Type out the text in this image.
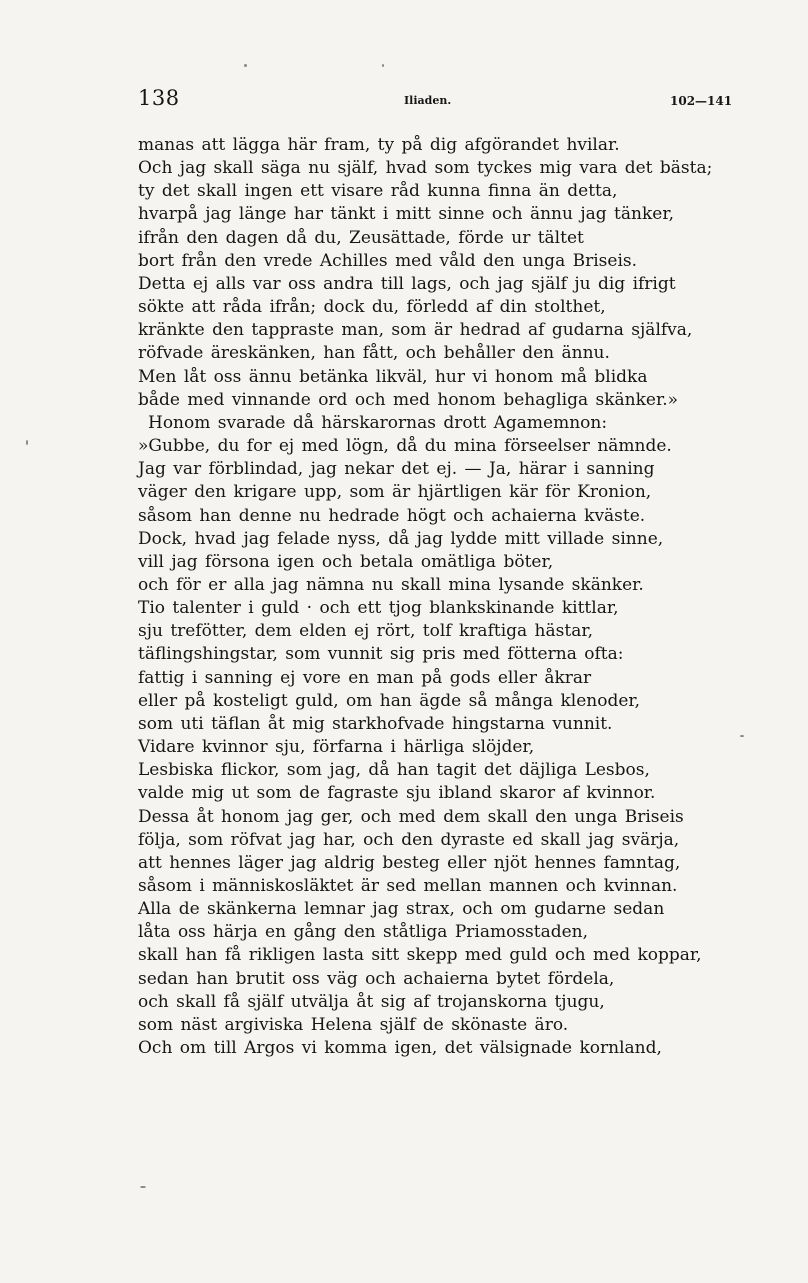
138	Iliaden.	102—141
manas att lägga här fram, ty på dig afgörandet hvilar.
Och jag skall säga nu själf, hvad som tyckes mig vara det bästa;
ty det skall ingen ett visare råd kunna finna än detta,
hvarpå jag länge har tänkt i mitt sinne och ännu jag tänker,
ifrån den dagen då du, Zeusättade, förde ur tältet
bort från den vrede Achilles med våld den unga Briseis.
Detta ej alls var oss andra till lags, och jag själf ju dig ifrigt
sökte att råda ifrån; dock du, förledd af din stolthet,
kränkte den tappraste man, som är hedrad af gudarna själfva,
röfvade äreskänken, han fått, och behåller den ännu.
Men låt oss ännu betänka likväl, hur vi honom må blidka
både med vinnande ord och med honom behagliga skänker.»
Honom svarade då härskarornas drott Agamemnon:
»Gubbe, du for ej med lögn, då du mina förseelser nämnde.
Jag var förblindad, jag nekar det ej. — Ja, härar i sanning
väger den krigare upp, som är hjärtligen kär för Kronion,
såsom han denne nu hedrade högt och achaierna kväste.
Dock, hvad jag felade nyss, då jag lydde mitt villade sinne,
vill jag försona igen och betala omätliga böter,
och för er alla jag nämna nu skall mina lysande skänker.
Tio talenter i guld · och ett tjog blankskinande kittlar,
sju trefötter, dem elden ej rört, tolf kraftiga hästar,
täflingshingstar, som vunnit sig pris med fötterna ofta:
fattig i sanning ej vore en man på gods eller åkrar
eller på kosteligt guld, om han ägde så många klenoder,
som uti täflan åt mig starkhofvade hingstarna vunnit.
Vidare kvinnor sju, förfarna i härliga slöjder,
Lesbiska flickor, som jag, då han tagit det däjliga Lesbos,
valde mig ut som de fagraste sju ibland skaror af kvinnor.
Dessa åt honom jag ger, och med dem skall den unga Briseis
följa, som röfvat jag har, och den dyraste ed skall jag svärja,
att hennes läger jag aldrig besteg eller njöt hennes famntag,
såsom i människosläktet är sed mellan mannen och kvinnan.
Alla de skänkerna lemnar jag strax, och om gudarne sedan
låta oss härja en gång den ståtliga Priamosstaden,
skall han få rikligen lasta sitt skepp med guld och med koppar,
sedan han brutit oss väg och achaierna bytet fördela,
och skall få själf utvälja åt sig af trojanskorna tjugu,
som näst argiviska Helena själf de skönaste äro.
Och om till Argos vi komma igen, det välsignade kornland,
